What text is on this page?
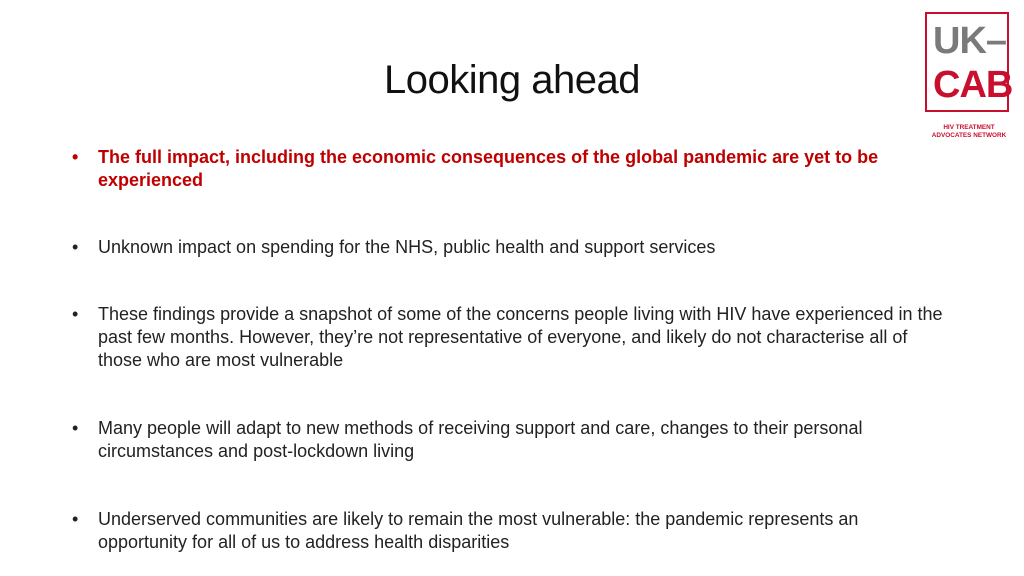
Looking ahead
UK–
CAB
HIV TREATMENT
ADVOCATES NETWORK
•	The full impact, including the economic consequences of the global pandemic are yet to be experienced
•	Unknown impact on spending for the NHS, public health and support services
•	These findings provide a snapshot of some of the concerns people living with HIV have experienced in the past few months. However, they’re not representative of everyone, and likely do not characterise all of those who are most vulnerable
•	Many people will adapt to new methods of receiving support and care, changes to their personal circumstances and post-lockdown living
•	Underserved communities are likely to remain the most vulnerable: the pandemic represents an opportunity for all of us to address health disparities
